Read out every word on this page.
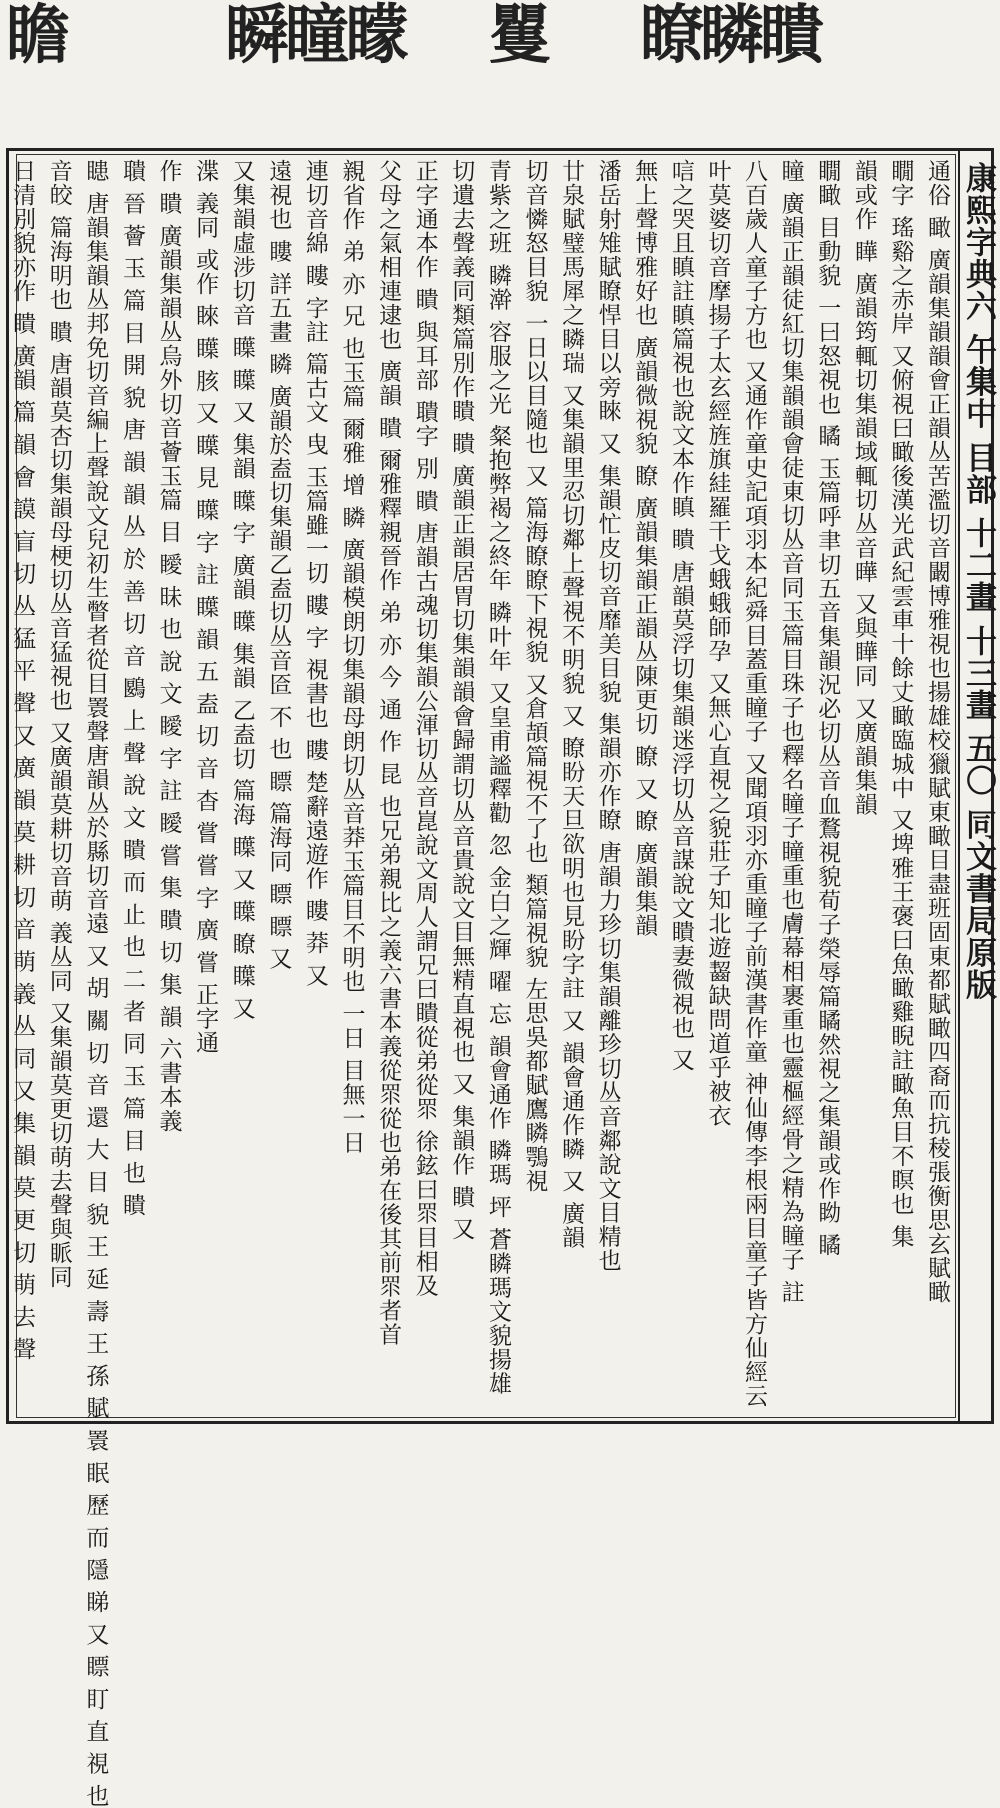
瞻 瞬瞳矇 矍 瞭瞵瞶
康熙字典六 午集中 目部 十二畫 十三畫 五〇 同文書局原版
通俗 瞰 廣韻集韻韻會正韻丛苦濫切音闞博雅視也揚雄校獵賦東瞰目盡班固東都賦瞰四裔而抗稜張衡思玄賦瞰
瞯字 瑤谿之赤岸 又俯視曰瞰後漢光武紀雲車十餘丈瞰臨城中 又埤雅王褒曰魚瞰雞睨註瞰魚目不瞑也 集
韻或作 瞱 廣韻筠輒切集韻域輒切丛音曄 又與瞱同 又廣韻集韻
瞯瞰 目動貌 一曰怒視也 瞲 玉篇呼聿切五音集韻況必切丛音血鶩視貌荀子榮辱篇瞲然視之集韻或作眑 瞲
瞳 廣韻正韻徒紅切集韻韻會徒東切丛音同玉篇目珠子也釋名瞳子瞳重也膚幕相裹重也靈樞經骨之精為瞳子 註
八百歲人童子方也 又通作童史記項羽本紀舜目蓋重瞳子 又聞項羽亦重瞳子前漢書作童 神仙傳李根兩目童子皆方仙經云
叶莫婆切音摩揚子太玄經旌旗絓羅干戈蛾蛾師孕 又無心直視之貌莊子知北遊齧缺問道乎被衣
唁之哭且瞋註瞋篇視也說文本作瞋 瞶 唐韻莫浮切集韻迷浮切丛音謀說文瞶妻微視也 又
無上聲博雅好也 廣韻微視貌 瞭 廣韻集韻正韻丛陳更切 瞭 又 瞭 廣韻集韻
潘岳射雉賦瞭悍目以旁睞 又 集韻忙皮切音靡美目貌 集韻亦作瞭 唐韻力珍切集韻離珍切丛音鄰說文目精也
廿泉賦璧馬犀之瞵瑞 又集韻里忍切鄰上聲視不明貌 又 瞭盼天旦欲明也見盼字註 又 韻會通作瞵 又 廣韻
切音憐怒目貌 一日以目隨也 又 篇海瞭瞭下視貌 又倉頡篇視不了也 類篇視貌 左思吳都賦鷹瞵鶚視
青紫之班 瞵澣 容服之光 粲抱弊褐之終年 瞵叶年 又皇甫謐釋勸 忽 金白之輝 曜 忘 韻會通作 瞵瑪 坪 蒼瞵瑪文貌揚雄
切遺去聲義同類篇別作瞶 瞶 廣韻正韻居胃切集韻韻會歸謂切丛音貴說文目無精直視也 又 集韻作 瞶 又
正字通本作 瞶 與耳部 聵字 別 瞶 唐韻古魂切集韻公渾切丛音崑說文周人謂兄曰瞶從弟從眔 徐鉉曰眔目相及
父母之氣相連逮也 廣韻 瞶 爾雅釋親晉作 弟 亦 今 通 作 昆 也兄弟親比之義六書本義從眔從也弟在後其前眔者首
親省作 弟 亦 兄 也玉篇 爾雅 增 瞵 廣韻模朗切集韻母朗切丛音莽玉篇目不明也 一日 目無一日
連切音綿 瞜 字註 篇古文 曳 玉篇雖一切 瞜 字 視書也 瞜 楚辭遠遊作 瞜 莽 又
遠視也 瞜 詳五畫 瞵 廣韻於盍切集韻乙盍切丛音匼 不 也 瞟 篇海同 瞟 瞟 又
又集韻虛涉切音 瞸 瞸 又 集韻 瞸 字 廣韻 瞸 集韻 乙盍切 篇海 瞸 又 瞸 瞭 瞸 又
渫 義同 或作 睞 瞸 胲 又 瞸 見 瞸 字 註 瞸 韻 五 盍 切 音 杳 嘗 嘗 字 廣 嘗 正字通
作 瞶 廣韻集韻丛烏外切音薈玉篇 目 瞹 昧 也 說 文 瞹 字 註 瞹 嘗 集 瞶 切 集 韻 六書本義
聵 晉 薈 玉 篇 目 開 貌 唐 韻 韻 丛 於 善 切 音 鶠 上 聲 說 文 瞶 而 止 也 二 者 同 玉 篇 目 也 瞶
瞣 唐韻集韻丛邦免切音編上聲說文兒初生瞥者從目瞏聲唐韻丛於縣切音遠 又 胡 關 切 音 還 大 目 貌 王 延 壽 王 孫 賦 瞏 眠 歷 而 隱 睇 又 瞟 盯 直 視 也
音皎 篇海明也 瞶 唐韻莫杏切集韻母梗切丛音猛視也 又廣韻莫耕切音萌 義丛同 又集韻莫更切萌去聲與眽同
日清別貌亦作 瞶 廣韻 篇 韻 會 謨 盲 切 丛 猛 平 聲 又 廣 韻 莫 耕 切 音 萌 義 丛 同 又 集 韻 莫 更 切 萌 去 聲
